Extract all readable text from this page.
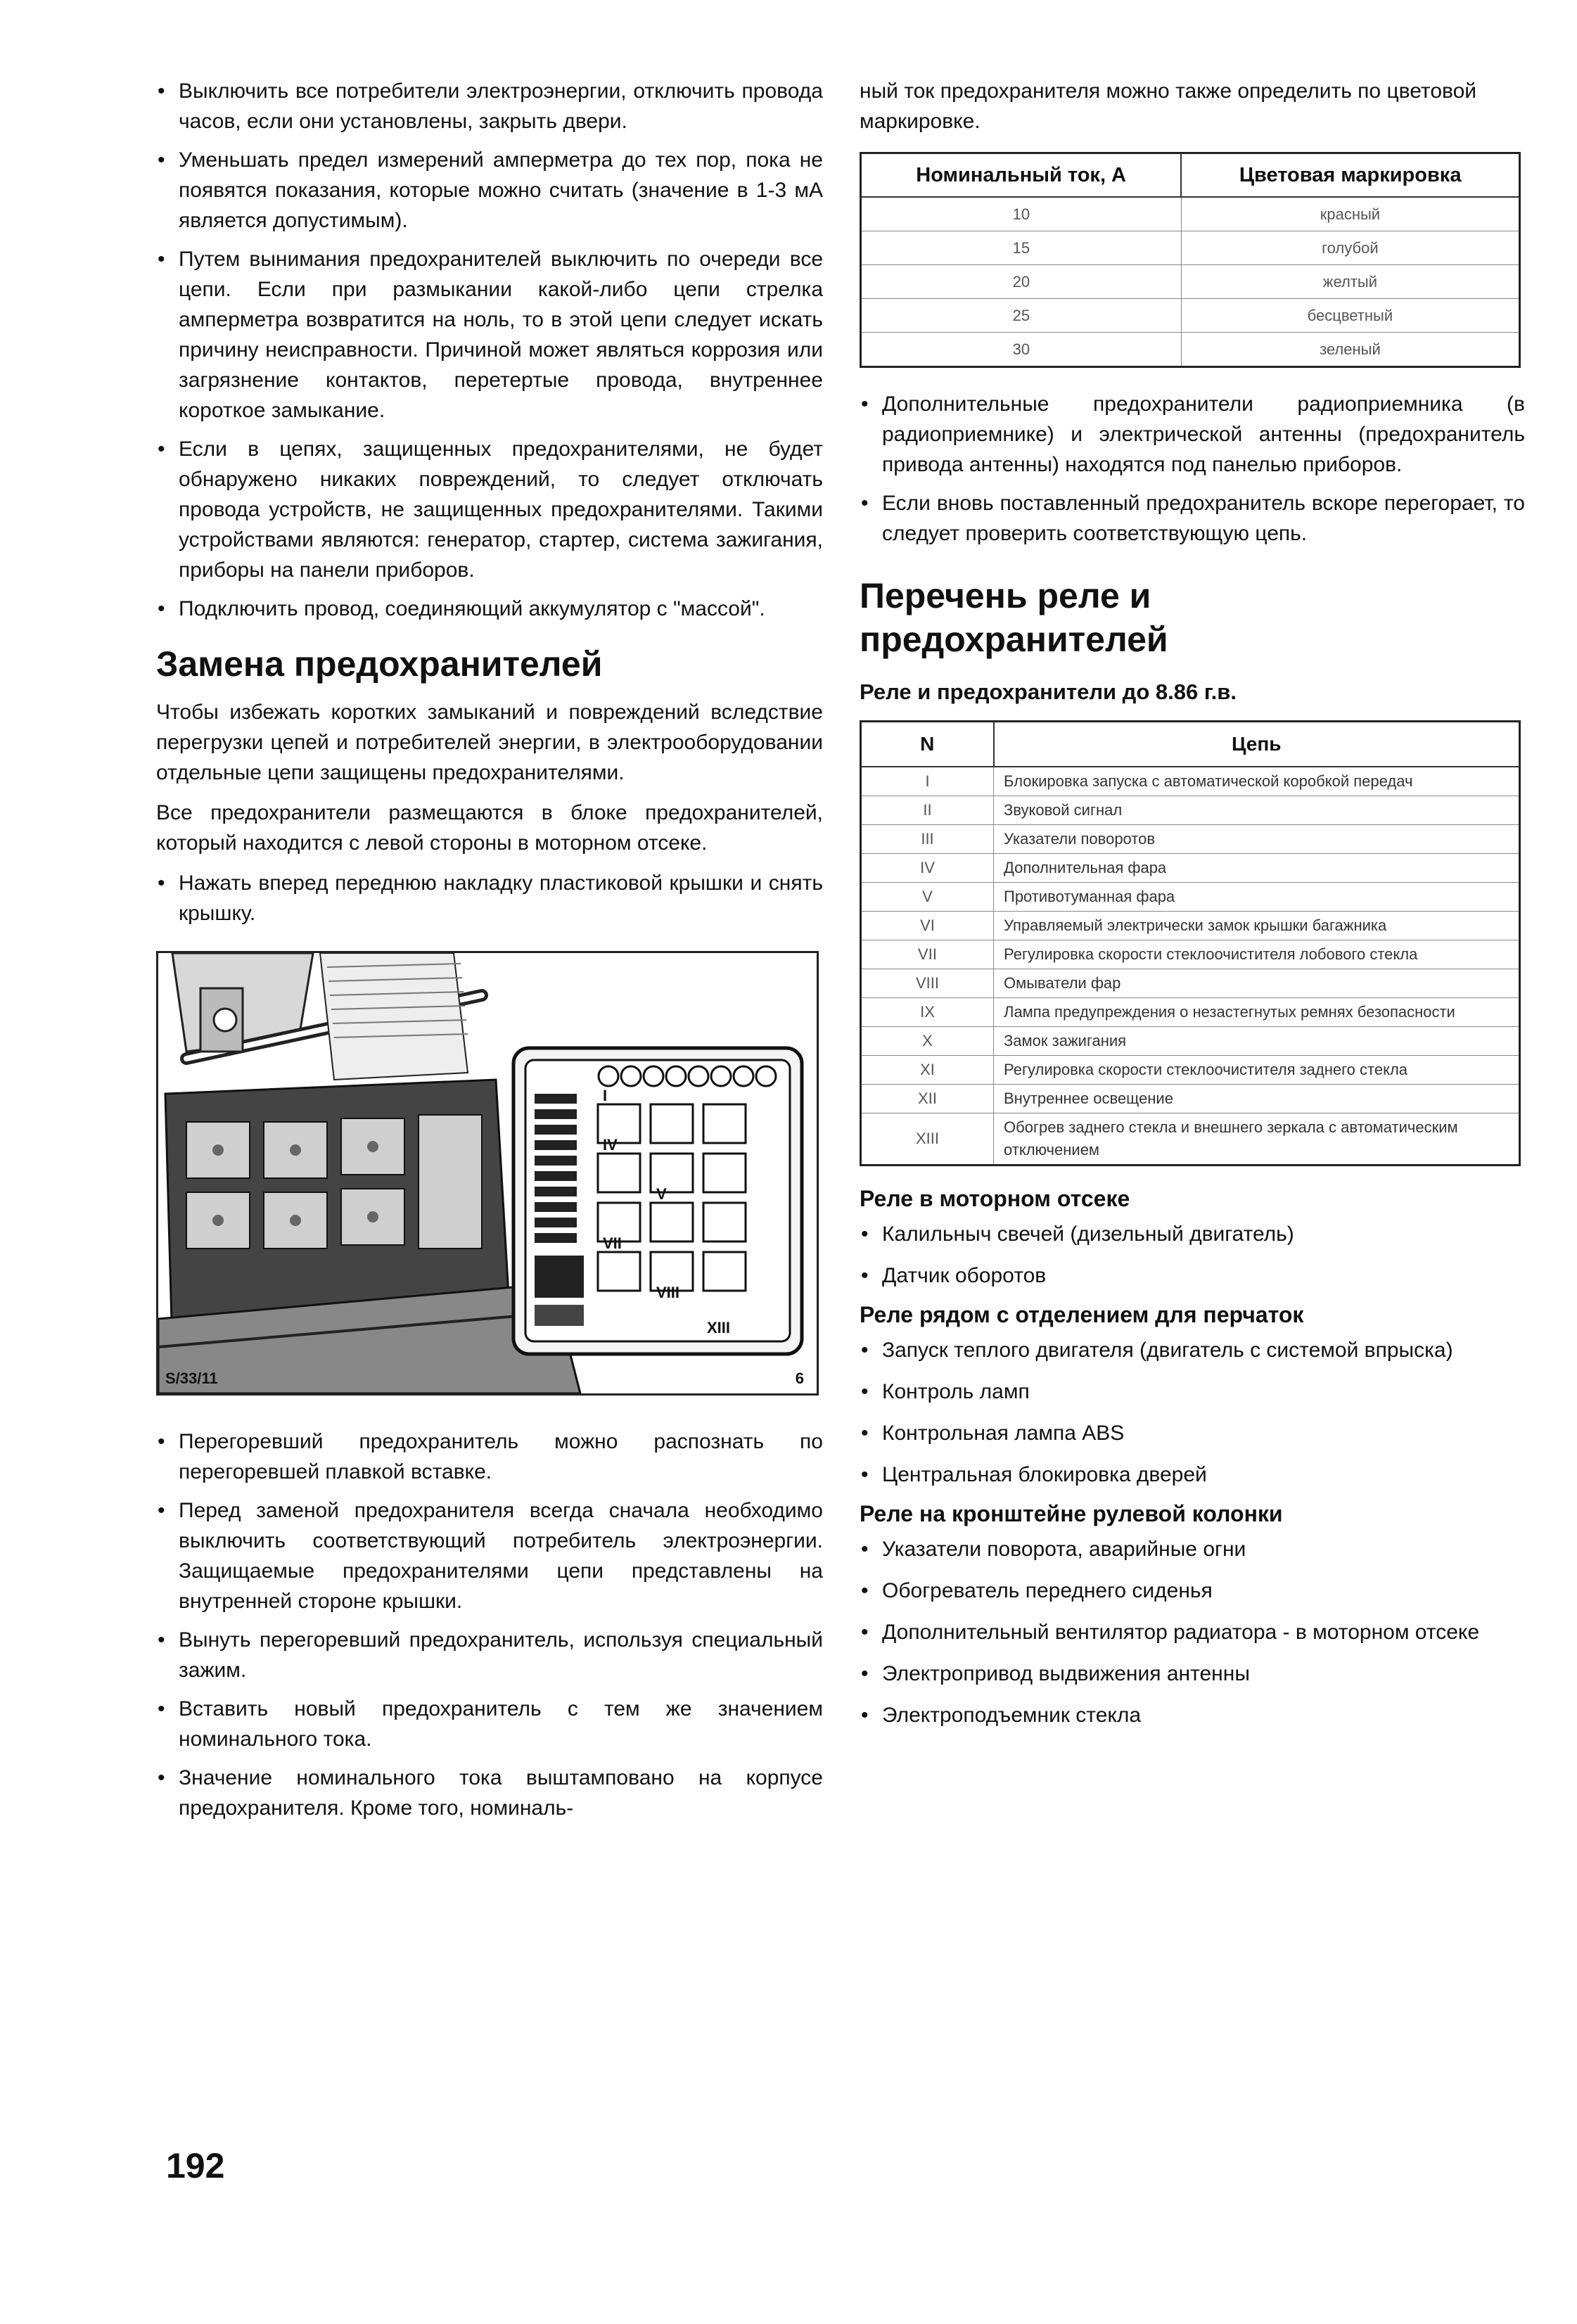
• Выключить все потребители электроэнергии, отключить провода часов, если они установлены, закрыть двери.
• Уменьшать предел измерений амперметра до тех пор, пока не появятся показания, которые можно считать (значение в 1-3 мА является допустимым).
• Путем вынимания предохранителей выключить по очереди все цепи. Если при размыкании какой-либо цепи стрелка амперметра возвратится на ноль, то в этой цепи следует искать причину неисправности. Причиной может являться коррозия или загрязнение контактов, перетертые провода, внутреннее короткое замыкание.
• Если в цепях, защищенных предохранителями, не будет обнаружено никаких повреждений, то следует отключать провода устройств, не защищенных предохранителями. Такими устройствами являются: генератор, стартер, система зажигания, приборы на панели приборов.
• Подключить провод, соединяющий аккумулятор с "массой".
Замена предохранителей

Чтобы избежать коротких замыканий и повреждений вследствие перегрузки цепей и потребителей энергии, в электрооборудовании отдельные цепи защищены предохранителями.

Все предохранители размещаются в блоке предохранителей, который находится с левой стороны в моторном отсеке.

• Нажать вперед переднюю накладку пластиковой крышки и снять крышку.
I
IV
V
VII
VIII
XIII
S/33/11	6
• Перегоревший предохранитель можно распознать по перегоревшей плавкой вставке.
• Перед заменой предохранителя всегда сначала необходимо выключить соответствующий потребитель электроэнергии. Защищаемые предохранителями цепи представлены на внутренней стороне крышки.
• Вынуть перегоревший предохранитель, используя специальный зажим.
• Вставить новый предохранитель с тем же значением номинального тока.
• Значение номинального тока выштамповано на корпусе предохранителя. Кроме того, номиналь-

ный ток предохранителя можно также определить по цветовой маркировке.

Номинальный ток, А	Цветовая маркировка
10	красный
15	голубой
20	желтый
25	бесцветный
30	зеленый
• Дополнительные предохранители радиоприемника (в радиоприемнике) и электрической антенны (предохранитель привода антенны) находятся под панелью приборов.
• Если вновь поставленный предохранитель вскоре перегорает, то следует проверить соответствующую цепь.
Перечень реле и предохранителей
Реле и предохранители до 8.86 г.в.
N	Цепь
I	Блокировка запуска с автоматической коробкой передач
II	Звуковой сигнал
III	Указатели поворотов
IV	Дополнительная фара
V	Противотуманная фара
VI	Управляемый электрически замок крышки багажника
VII	Регулировка скорости стеклоочистителя лобового стекла
VIII	Омыватели фар
IX	Лампа предупреждения о незастегнутых ремнях безопасности
X	Замок зажигания
XI	Регулировка скорости стеклоочистителя заднего стекла
XII	Внутреннее освещение
XIII	Обогрев заднего стекла и внешнего зеркала с автоматическим отключением
Реле в моторном отсеке
• Калильныч свечей (дизельный двигатель)
• Датчик оборотов
Реле рядом с отделением для перчаток
• Запуск теплого двигателя (двигатель с системой впрыска)
• Контроль ламп
• Контрольная лампа ABS
• Центральная блокировка дверей
Реле на кронштейне рулевой колонки
• Указатели поворота, аварийные огни
• Обогреватель переднего сиденья
• Дополнительный вентилятор радиатора - в моторном отсеке
• Электропривод выдвижения антенны
• Электроподъемник стекла
192
